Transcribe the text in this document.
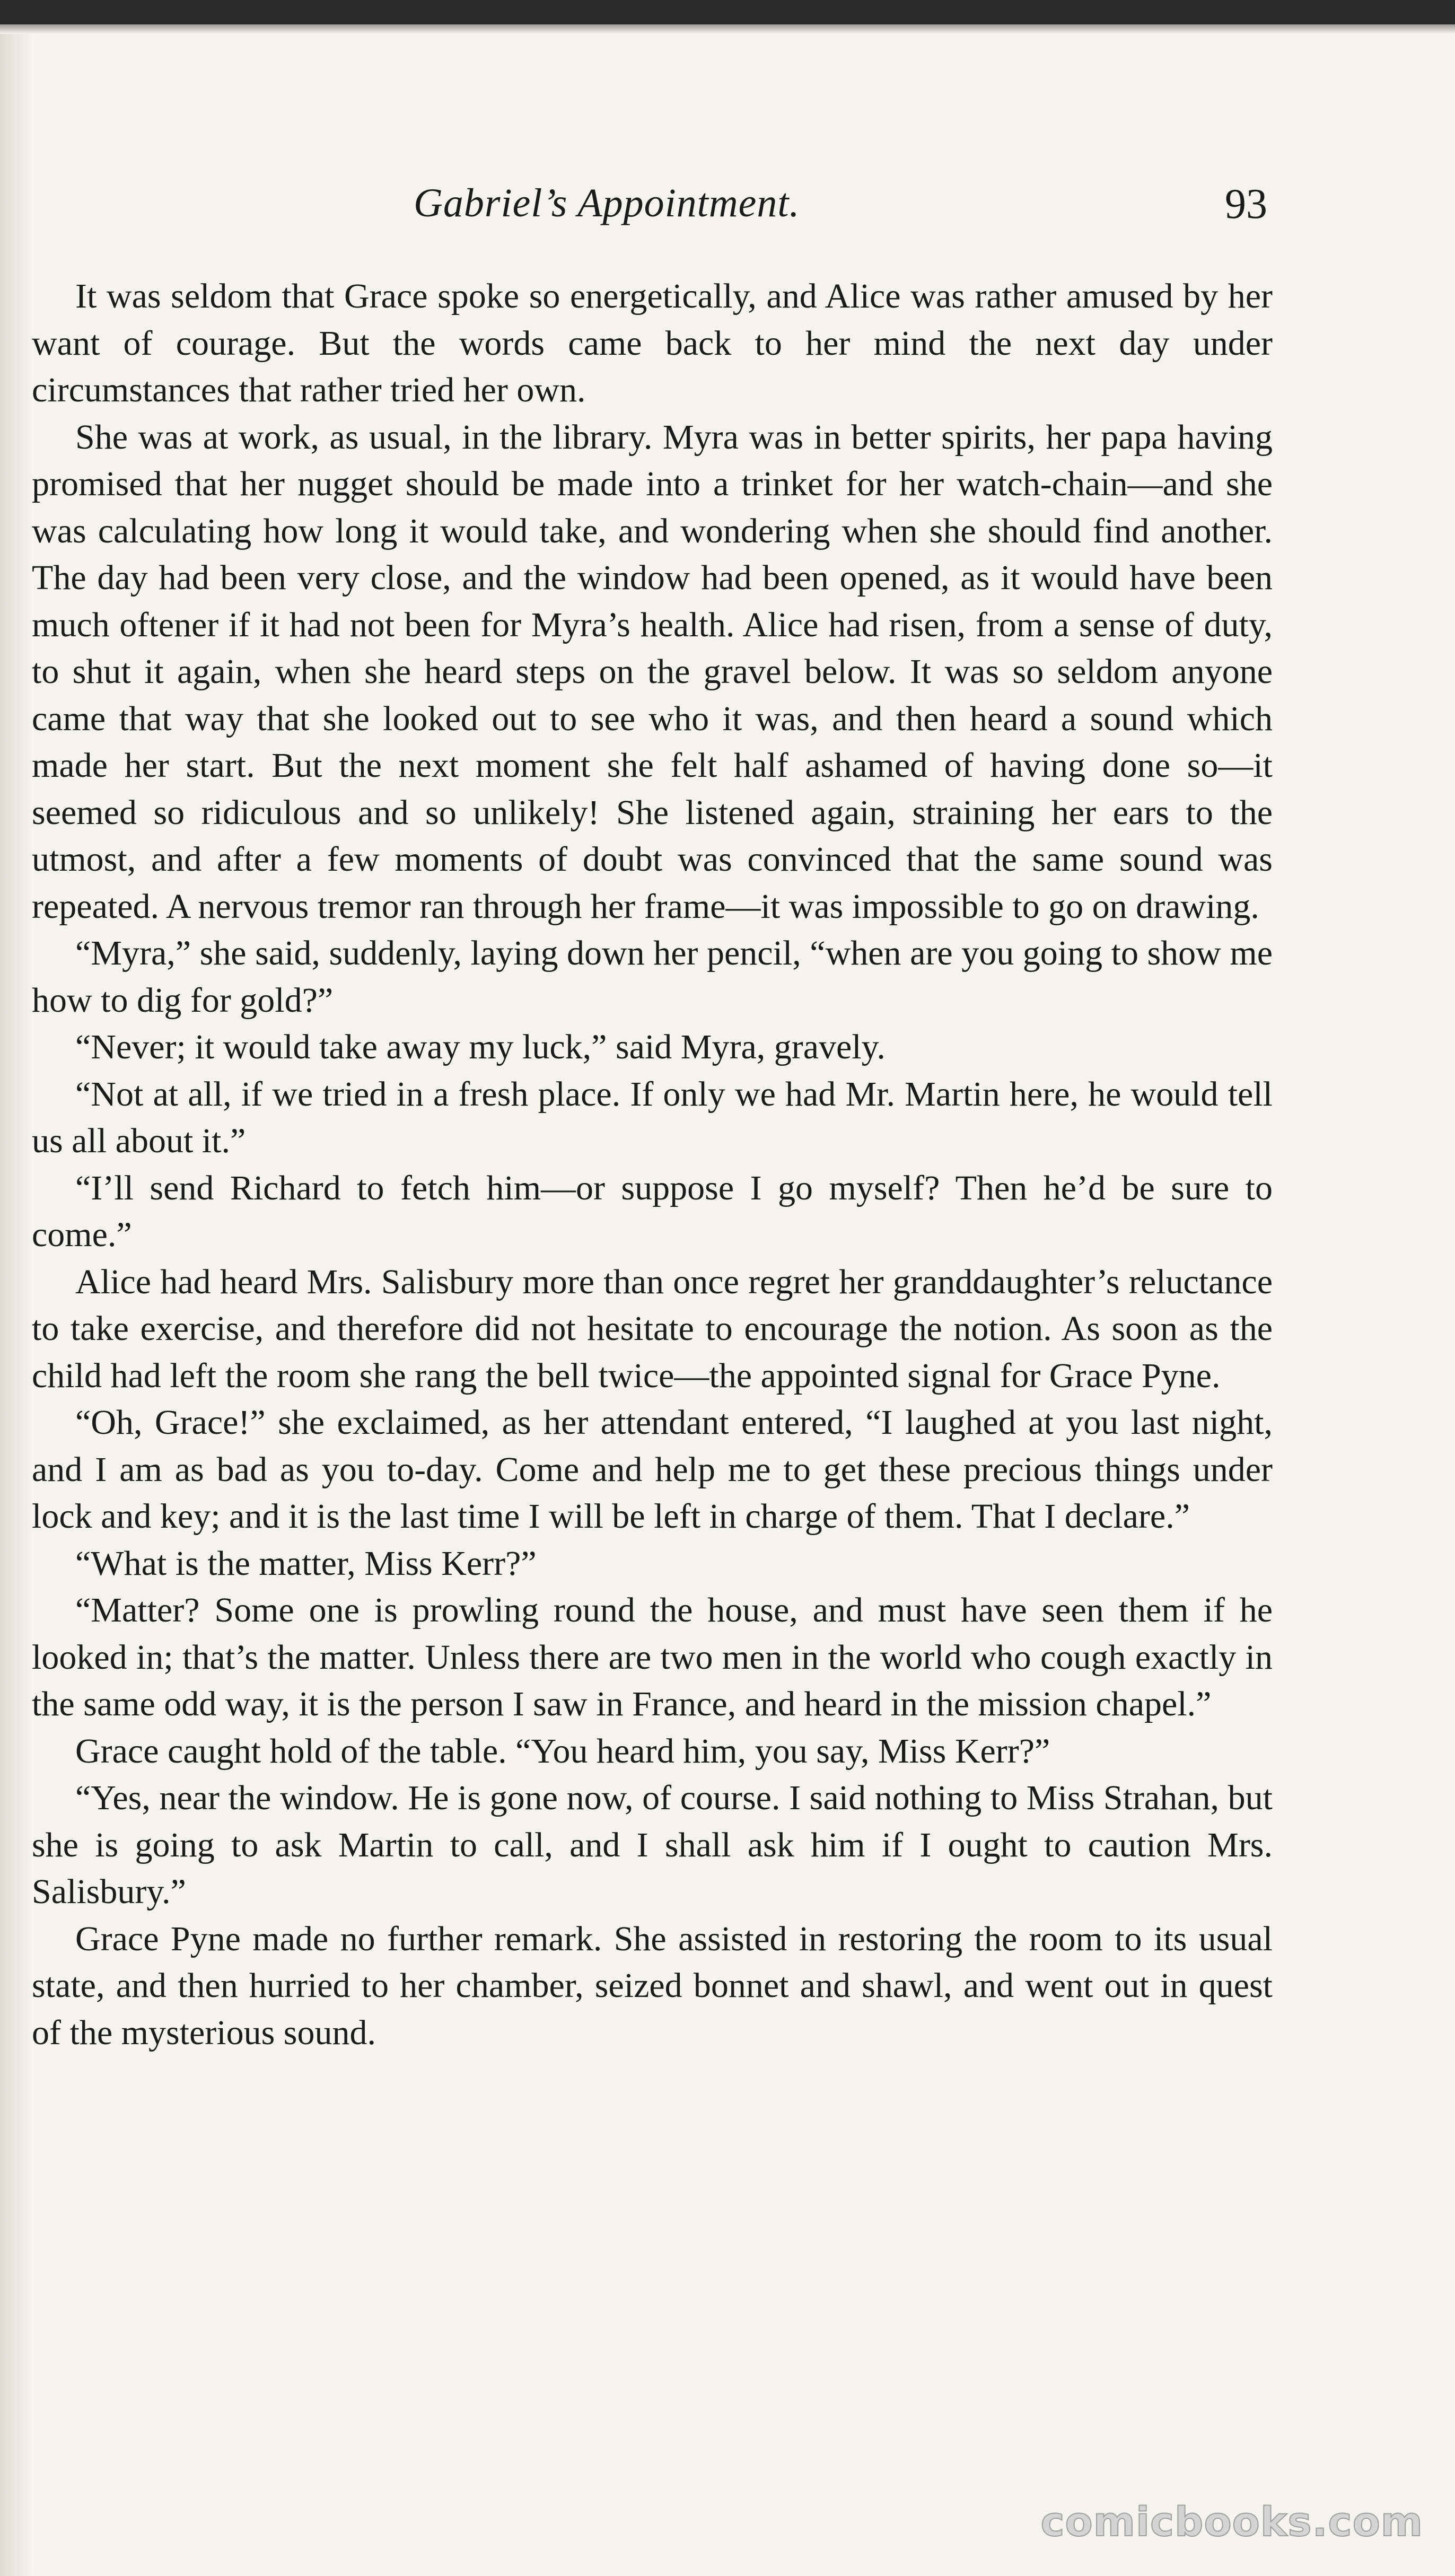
Gabriel’s Appointment.	93

It was seldom that Grace spoke so energetically, and Alice was rather amused by her want of courage. But the words came back to her mind the next day under circumstances that rather tried her own.

She was at work, as usual, in the library. Myra was in better spirits, her papa having promised that her nugget should be made into a trinket for her watch-chain—and she was calculating how long it would take, and wondering when she should find another. The day had been very close, and the window had been opened, as it would have been much oftener if it had not been for Myra’s health. Alice had risen, from a sense of duty, to shut it again, when she heard steps on the gravel below. It was so seldom anyone came that way that she looked out to see who it was, and then heard a sound which made her start. But the next moment she felt half ashamed of having done so—it seemed so ridiculous and so unlikely! She listened again, straining her ears to the utmost, and after a few moments of doubt was convinced that the same sound was repeated. A nervous tremor ran through her frame—it was impossible to go on drawing.

“Myra,” she said, suddenly, laying down her pencil, “when are you going to show me how to dig for gold?”

“Never; it would take away my luck,” said Myra, gravely.

“Not at all, if we tried in a fresh place. If only we had Mr. Martin here, he would tell us all about it.”

“I’ll send Richard to fetch him—or suppose I go myself? Then he’d be sure to come.”

Alice had heard Mrs. Salisbury more than once regret her granddaughter’s reluctance to take exercise, and therefore did not hesitate to encourage the notion. As soon as the child had left the room she rang the bell twice—the appointed signal for Grace Pyne.

“Oh, Grace!” she exclaimed, as her attendant entered, “I laughed at you last night, and I am as bad as you to-day. Come and help me to get these precious things under lock and key; and it is the last time I will be left in charge of them. That I declare.”

“What is the matter, Miss Kerr?”

“Matter? Some one is prowling round the house, and must have seen them if he looked in; that’s the matter. Unless there are two men in the world who cough exactly in the same odd way, it is the person I saw in France, and heard in the mission chapel.”

Grace caught hold of the table. “You heard him, you say, Miss Kerr?”

“Yes, near the window. He is gone now, of course. I said nothing to Miss Strahan, but she is going to ask Martin to call, and I shall ask him if I ought to caution Mrs. Salisbury.”

Grace Pyne made no further remark. She assisted in restoring the room to its usual state, and then hurried to her chamber, seized bonnet and shawl, and went out in quest of the mysterious sound.

comicbooks.com
